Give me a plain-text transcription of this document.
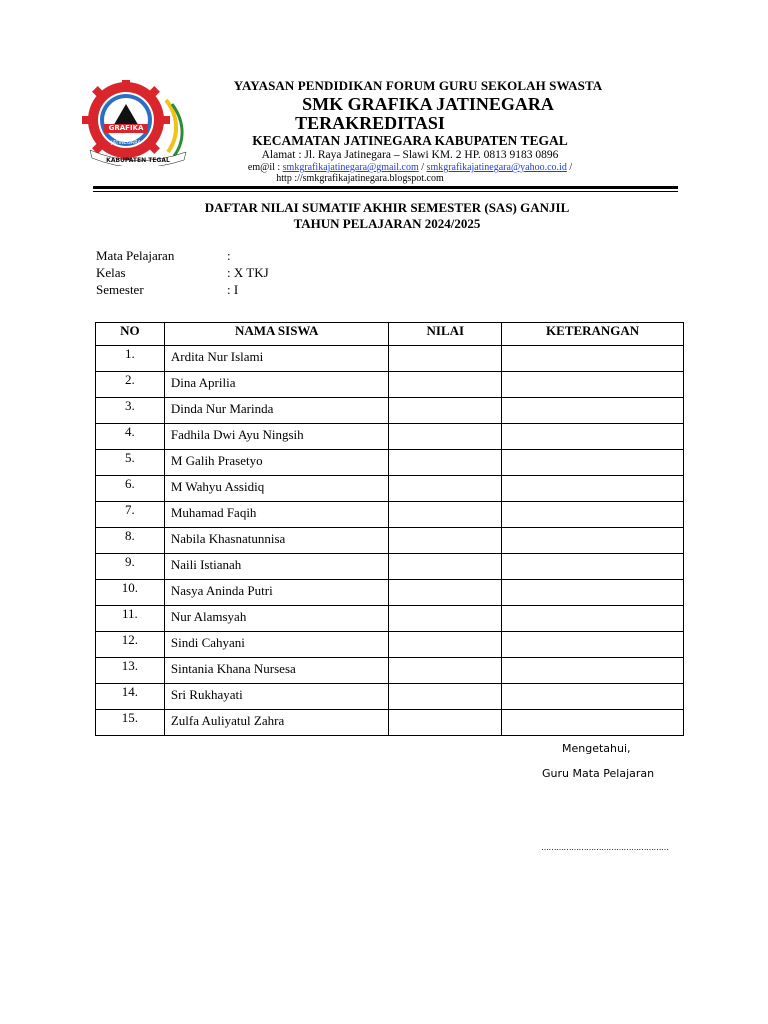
GRAFIKA
JATINEGARA
KABUPATEN TEGAL
YAYASAN PENDIDIKAN FORUM GURU SEKOLAH SWASTA
SMK GRAFIKA JATINEGARA
TERAKREDITASI
KECAMATAN JATINEGARA KABUPATEN TEGAL
Alamat : Jl. Raya Jatinegara – Slawi KM. 2 HP. 0813 9183 0896
em@il : smkgrafikajatinegara@gmail.com / smkgrafikajatinegara@yahoo.co.id /
http ://smkgrafikajatinegara.blogspot.com
DAFTAR NILAI SUMATIF AKHIR SEMESTER (SAS) GANJIL
TAHUN PELAJARAN 2024/2025
Mata Pelajaran	:
Kelas	: X TKJ
Semester	: I
NO	NAMA SISWA	NILAI	KETERANGAN
1.	Ardita Nur Islami		
2.	Dina Aprilia		
3.	Dinda Nur Marinda		
4.	Fadhila Dwi Ayu Ningsih		
5.	M Galih Prasetyo		
6.	M Wahyu Assidiq		
7.	Muhamad Faqih		
8.	Nabila Khasnatunnisa		
9.	Naili Istianah		
10.	Nasya Aninda Putri		
11.	Nur Alamsyah		
12.	Sindi Cahyani		
13.	Sintania Khana Nursesa		
14.	Sri Rukhayati		
15.	Zulfa Auliyatul Zahra		
Mengetahui,
Guru Mata Pelajaran
……………………………………………
